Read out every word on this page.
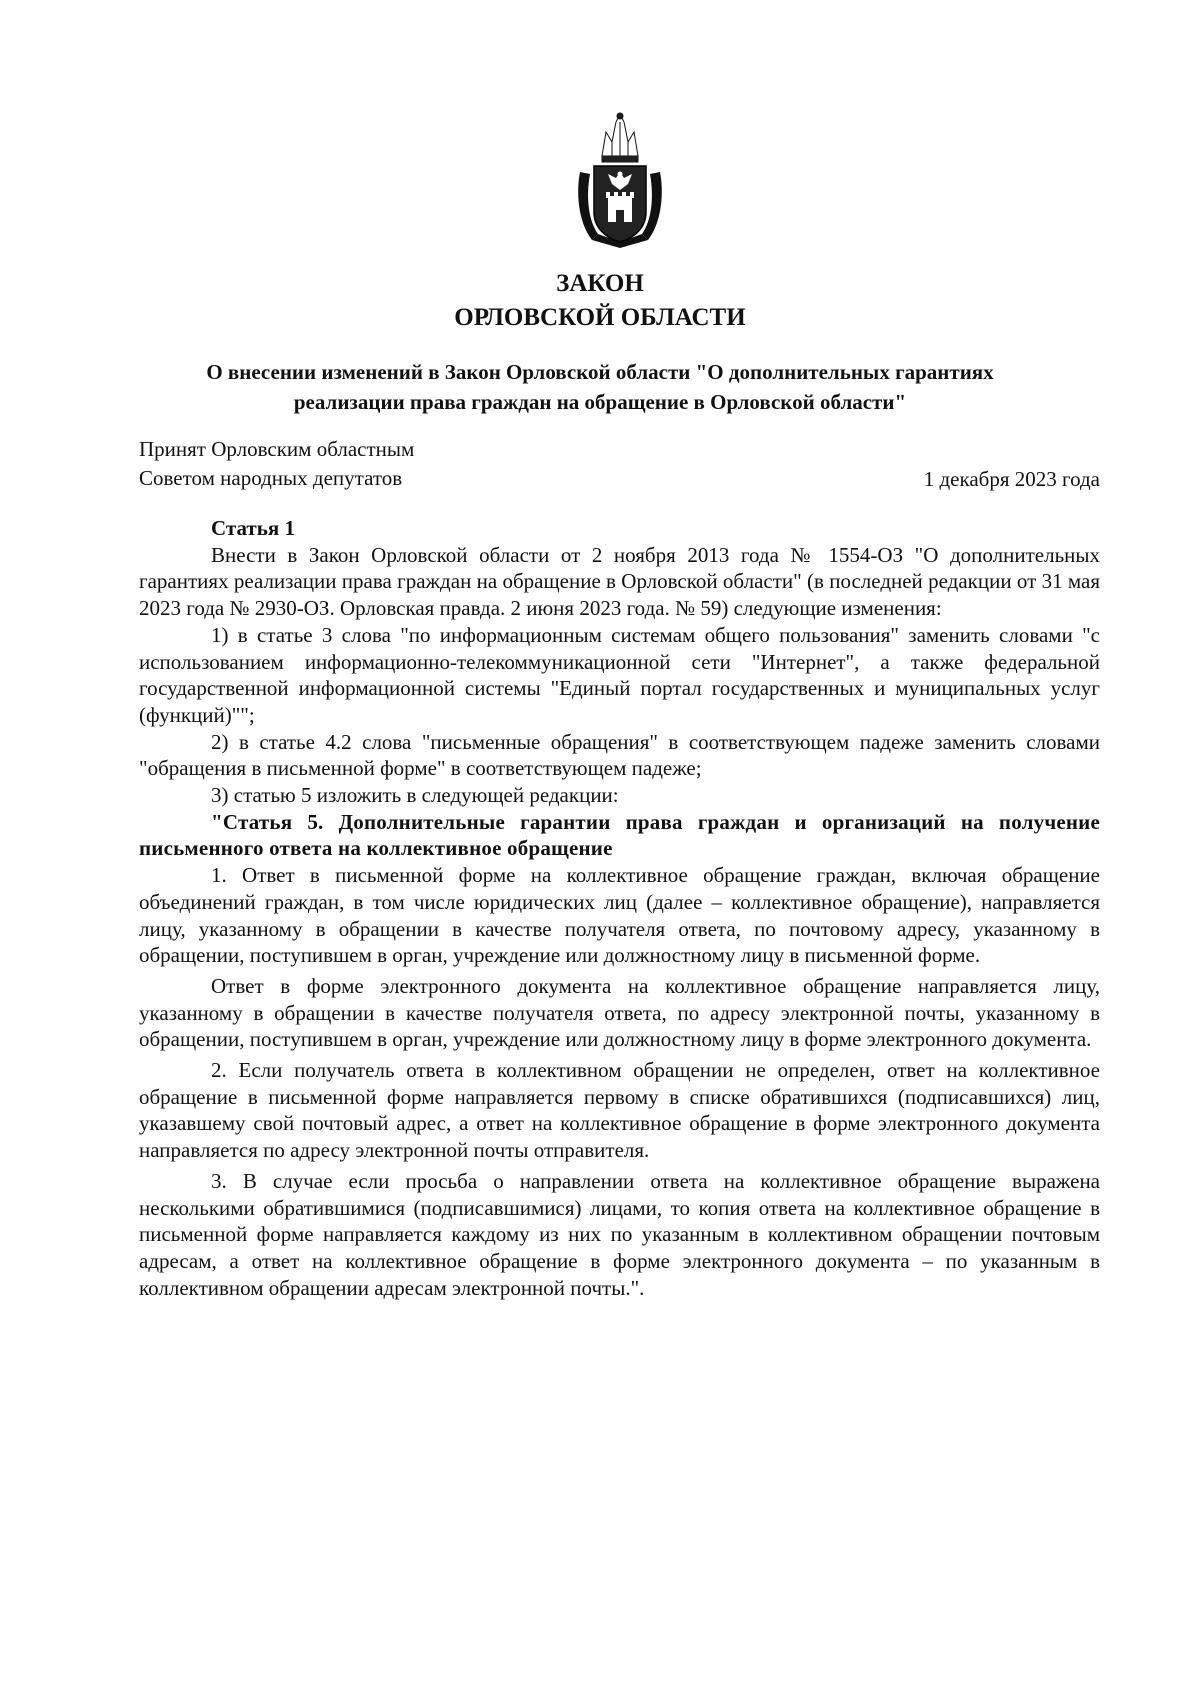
ЗАКОН
ОРЛОВСКОЙ ОБЛАСТИ
О внесении изменений в Закон Орловской области "О дополнительных гарантиях реализации права граждан на обращение в Орловской области"
Принят Орловским областным
Советом народных депутатов	1 декабря 2023 года

Статья 1

Внести в Закон Орловской области от 2 ноября 2013 года № 1554-ОЗ "О дополнительных гарантиях реализации права граждан на обращение в Орловской области" (в последней редакции от 31 мая 2023 года № 2930-ОЗ. Орловская правда. 2 июня 2023 года. № 59) следующие изменения:

1) в статье 3 слова "по информационным системам общего пользования" заменить словами "с использованием информационно-телекоммуникационной сети "Интернет", а также федеральной государственной информационной системы "Единый портал государственных и муниципальных услуг (функций)"";

2) в статье 4.2 слова "письменные обращения" в соответствующем падеже заменить словами "обращения в письменной форме" в соответствующем падеже;

3) статью 5 изложить в следующей редакции:

"Статья 5. Дополнительные гарантии права граждан и организаций на получение письменного ответа на коллективное обращение

1. Ответ в письменной форме на коллективное обращение граждан, включая обращение объединений граждан, в том числе юридических лиц (далее – коллективное обращение), направляется лицу, указанному в обращении в качестве получателя ответа, по почтовому адресу, указанному в обращении, поступившем в орган, учреждение или должностному лицу в письменной форме.

Ответ в форме электронного документа на коллективное обращение направляется лицу, указанному в обращении в качестве получателя ответа, по адресу электронной почты, указанному в обращении, поступившем в орган, учреждение или должностному лицу в форме электронного документа.

2. Если получатель ответа в коллективном обращении не определен, ответ на коллективное обращение в письменной форме направляется первому в списке обратившихся (подписавшихся) лиц, указавшему свой почтовый адрес, а ответ на коллективное обращение в форме электронного документа направляется по адресу электронной почты отправителя.

3. В случае если просьба о направлении ответа на коллективное обращение выражена несколькими обратившимися (подписавшимися) лицами, то копия ответа на коллективное обращение в письменной форме направляется каждому из них по указанным в коллективном обращении почтовым адресам, а ответ на коллективное обращение в форме электронного документа – по указанным в коллективном обращении адресам электронной почты.".
